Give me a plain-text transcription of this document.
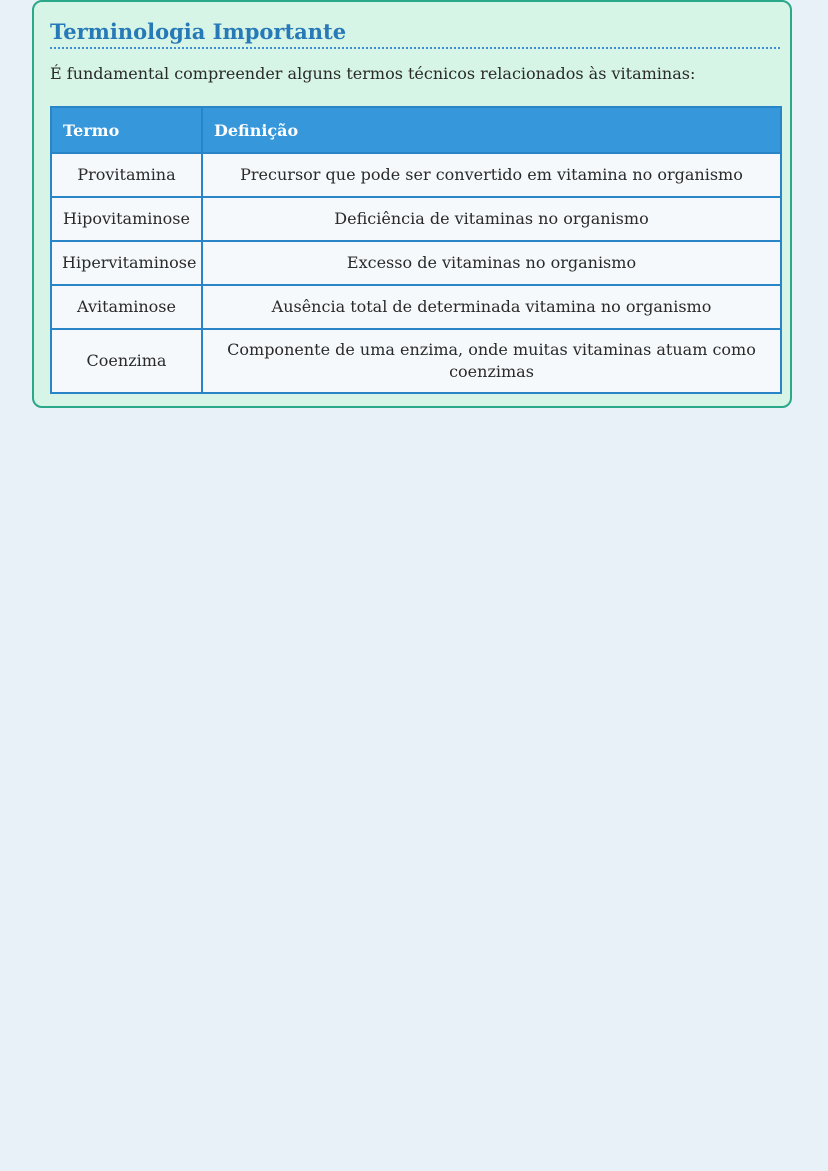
Terminologia Importante

É fundamental compreender alguns termos técnicos relacionados às vitaminas:

Termo	Definição
Provitamina	Precursor que pode ser convertido em vitamina no organismo
Hipovitaminose	Deficiência de vitaminas no organismo
Hipervitaminose	Excesso de vitaminas no organismo
Avitaminose	Ausência total de determinada vitamina no organismo
Coenzima	Componente de uma enzima, onde muitas vitaminas atuam como coenzimas
